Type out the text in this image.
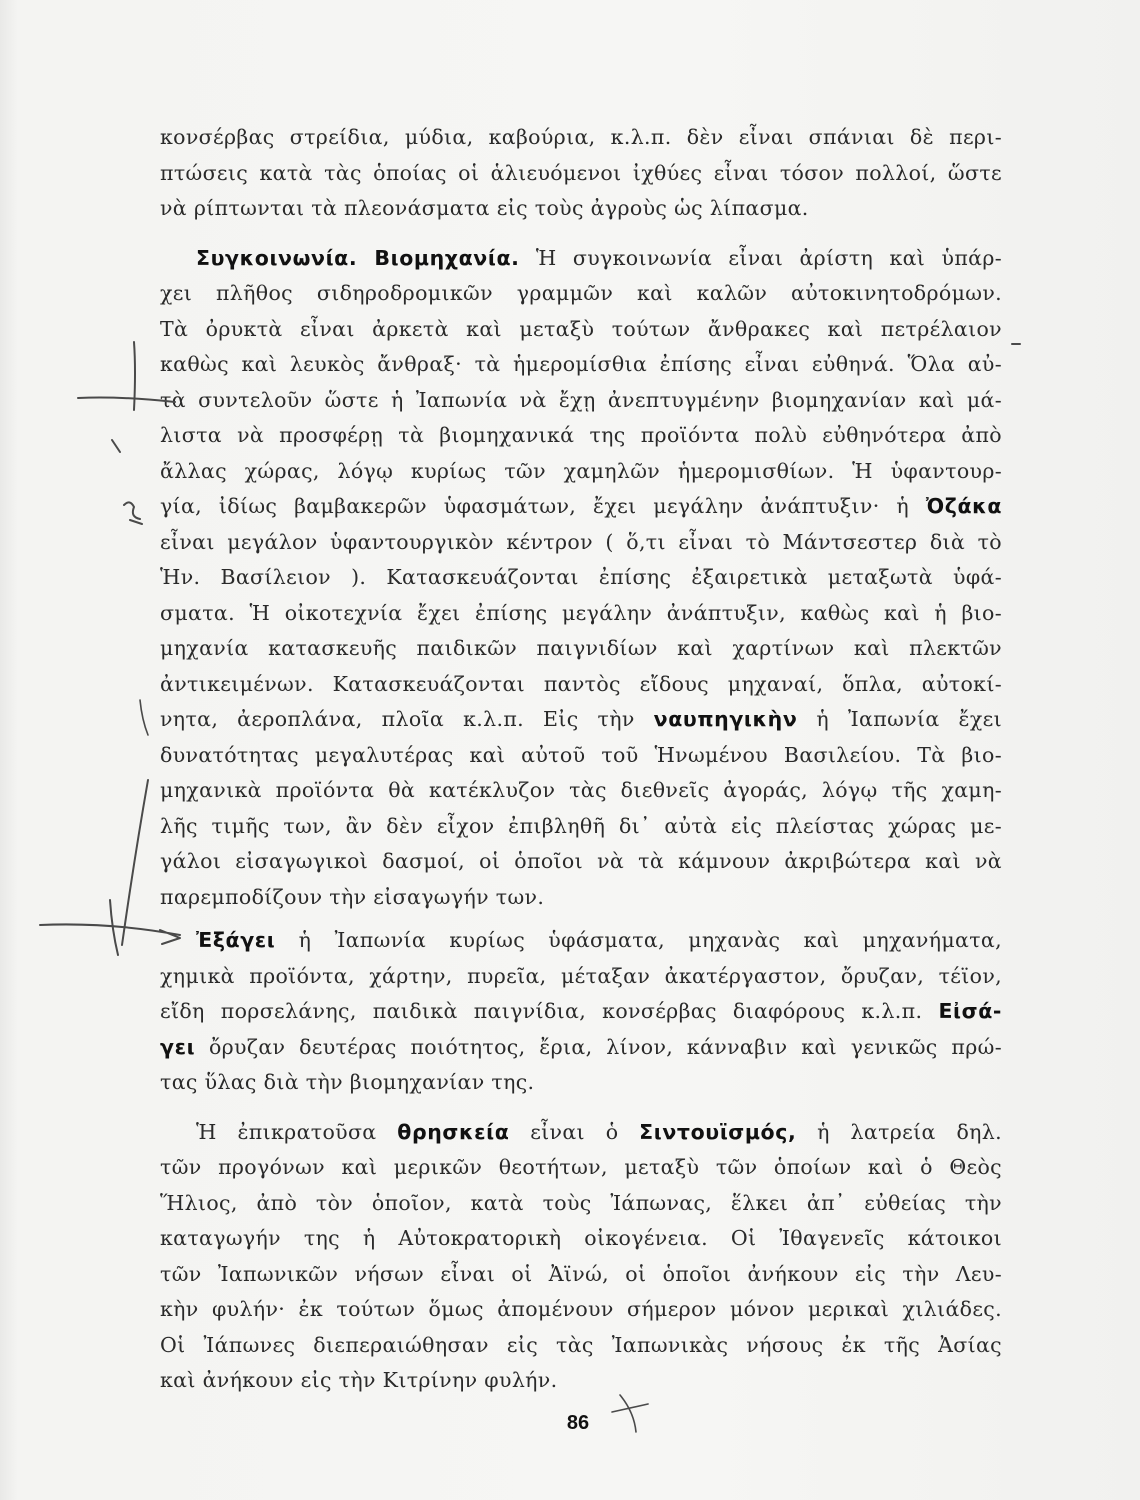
κονσέρβας στρείδια, μύδια, καβούρια, κ.λ.π. δὲν εἶναι σπάνιαι δὲ περι-
πτώσεις κατὰ τὰς ὁποίας οἱ ἁλιευόμενοι ἰχθύες εἶναι τόσον πολλοί, ὥστε
νὰ ρίπτωνται τὰ πλεονάσματα εἰς τοὺς ἀγροὺς ὡς λίπασμα.
Συγκοινωνία. Βιομηχανία. Ἡ συγκοινωνία εἶναι ἀρίστη καὶ ὑπάρ-
χει πλῆθος σιδηροδρομικῶν γραμμῶν καὶ καλῶν αὐτοκινητοδρόμων.
Τὰ ὀρυκτὰ εἶναι ἀρκετὰ καὶ μεταξὺ τούτων ἄνθρακες καὶ πετρέλαιον
καθὼς καὶ λευκὸς ἄνθραξ· τὰ ἡμερομίσθια ἐπίσης εἶναι εὐθηνά. Ὅλα αὐ-
τὰ συντελοῦν ὥστε ἡ Ἰαπωνία νὰ ἔχῃ ἀνεπτυγμένην βιομηχανίαν καὶ μά-
λιστα νὰ προσφέρῃ τὰ βιομηχανικά της προϊόντα πολὺ εὐθηνότερα ἀπὸ
ἄλλας χώρας, λόγῳ κυρίως τῶν χαμηλῶν ἡμερομισθίων. Ἡ ὑφαντουρ-
γία, ἰδίως βαμβακερῶν ὑφασμάτων, ἔχει μεγάλην ἀνάπτυξιν· ἡ Ὀζάκα
εἶναι μεγάλον ὑφαντουργικὸν κέντρον ( ὅ,τι εἶναι τὸ Μάντσεστερ διὰ τὸ
Ἡν. Βασίλειον ). Κατασκευάζονται ἐπίσης ἐξαιρετικὰ μεταξωτὰ ὑφά-
σματα. Ἡ οἰκοτεχνία ἔχει ἐπίσης μεγάλην ἀνάπτυξιν, καθὼς καὶ ἡ βιο-
μηχανία κατασκευῆς παιδικῶν παιγνιδίων καὶ χαρτίνων καὶ πλεκτῶν
ἀντικειμένων. Κατασκευάζονται παντὸς εἴδους μηχαναί, ὅπλα, αὐτοκί-
νητα, ἀεροπλάνα, πλοῖα κ.λ.π. Εἰς τὴν ναυπηγικὴν ἡ Ἰαπωνία ἔχει
δυνατότητας μεγαλυτέρας καὶ αὐτοῦ τοῦ Ἡνωμένου Βασιλείου. Τὰ βιο-
μηχανικὰ προϊόντα θὰ κατέκλυζον τὰς διεθνεῖς ἀγοράς, λόγῳ τῆς χαμη-
λῆς τιμῆς των, ἂν δὲν εἶχον ἐπιβληθῆ δι᾽ αὐτὰ εἰς πλείστας χώρας με-
γάλοι εἰσαγωγικοὶ δασμοί, οἱ ὁποῖοι νὰ τὰ κάμνουν ἀκριβώτερα καὶ νὰ
παρεμποδίζουν τὴν εἰσαγωγήν των.
Ἐξάγει ἡ Ἰαπωνία κυρίως ὑφάσματα, μηχανὰς καὶ μηχανήματα,
χημικὰ προϊόντα, χάρτην, πυρεῖα, μέταξαν ἀκατέργαστον, ὄρυζαν, τέϊον,
εἴδη πορσελάνης, παιδικὰ παιγνίδια, κονσέρβας διαφόρους κ.λ.π. Εἰσά-
γει ὄρυζαν δευτέρας ποιότητος, ἔρια, λίνον, κάνναβιν καὶ γενικῶς πρώ-
τας ὕλας διὰ τὴν βιομηχανίαν της.
Ἡ ἐπικρατοῦσα θρησκεία εἶναι ὁ Σιντουϊσμός, ἡ λατρεία δηλ.
τῶν προγόνων καὶ μερικῶν θεοτήτων, μεταξὺ τῶν ὁποίων καὶ ὁ Θεὸς
Ἥλιος, ἀπὸ τὸν ὁποῖον, κατὰ τοὺς Ἰάπωνας, ἕλκει ἀπ᾽ εὐθείας τὴν
καταγωγήν της ἡ Αὐτοκρατορικὴ οἰκογένεια. Οἱ Ἰθαγενεῖς κάτοικοι
τῶν Ἰαπωνικῶν νήσων εἶναι οἱ Ἀϊνώ, οἱ ὁποῖοι ἀνήκουν εἰς τὴν Λευ-
κὴν φυλήν· ἐκ τούτων ὅμως ἀπομένουν σήμερον μόνον μερικαὶ χιλιάδες.
Οἱ Ἰάπωνες διεπεραιώθησαν εἰς τὰς Ἰαπωνικὰς νήσους ἐκ τῆς Ἀσίας
καὶ ἀνήκουν εἰς τὴν Κιτρίνην φυλήν.
86
